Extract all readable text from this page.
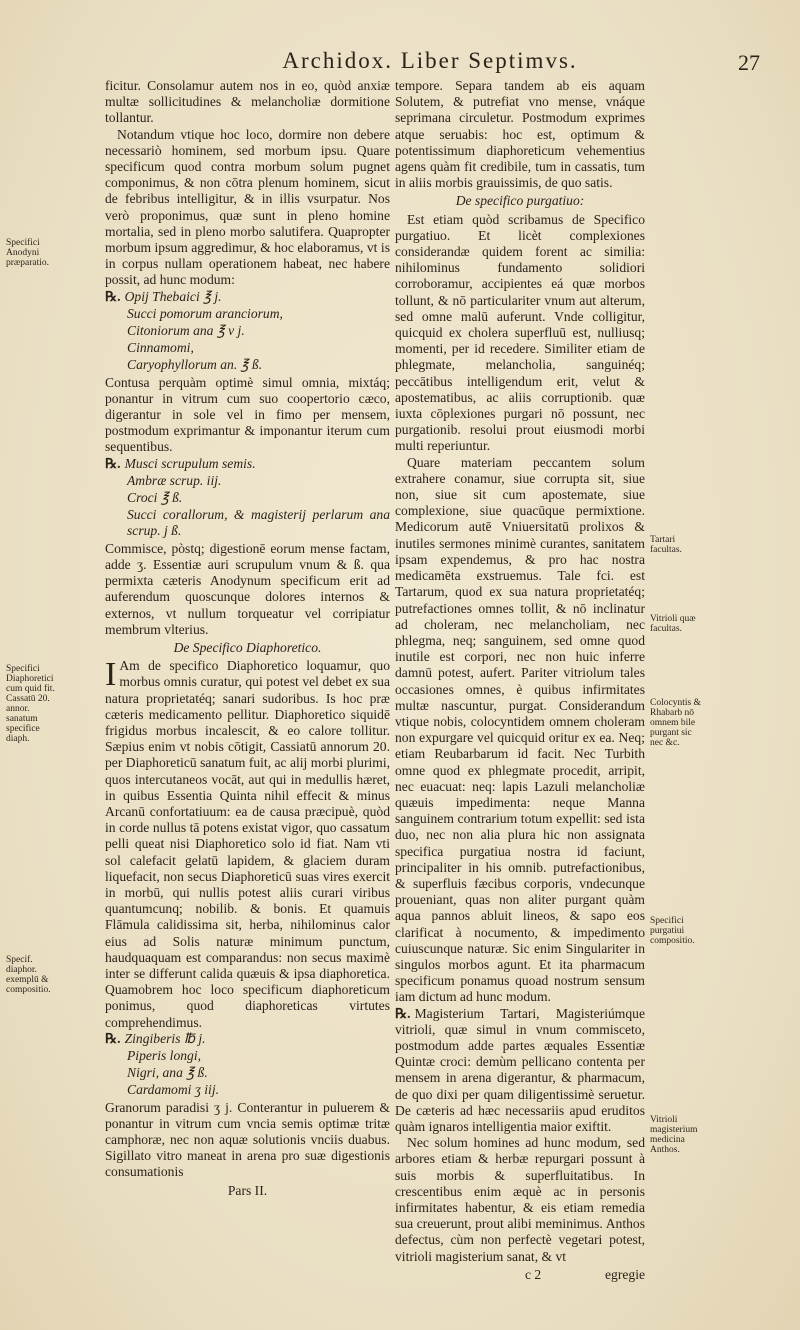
Archidox. Liber Septimvs.	27

ficitur. Consolamur autem nos in eo, quòd anxiæ multæ sollicitudines & melancholiæ dormitione tollantur.

Notandum vtique hoc loco, dormire non debere necessariò hominem, sed morbum ipsu. Quare specificum quod contra morbum solum pugnet componimus, & non cōtra plenum hominem, sicut de febribus intelligitur, & in illis vsurpatur. Nos verò proponimus, quæ sunt in pleno homine mortalia, sed in pleno morbo salutifera. Quapropter morbum ipsum aggredimur, & hoc elaboramus, vt is in corpus nullam operationem habeat, nec habere possit, ad hunc modum:

℞. Opij Thebaici ℥ j.
Succi pomorum aranciorum,
Citoniorum ana ℥ v j.
Cinnamomi,
Caryophyllorum an. ℥ ß.

Contusa perquàm optimè simul omnia, mixtáq; ponantur in vitrum cum suo coopertorio cæco, digerantur in sole vel in fimo per mensem, postmodum exprimantur & imponantur iterum cum sequentibus.

℞. Musci scrupulum semis.
Ambræ scrup. iij.
Croci ℥ ß.
Succi corallorum, & magisterij perlarum ana scrup. j ß.

Commisce, pòstq; digestionē eorum mense factam, adde ʒ. Essentiæ auri scrupulum vnum & ß. qua permixta cæteris Anodynum specificum erit ad auferendum quoscunque dolores internos & externos, vt nullum torqueatur vel corripiatur membrum vlterius.

De Specifico Diaphoretico.

I Am de specifico Diaphoretico loquamur, quo morbus omnis curatur, qui potest vel debet ex sua natura proprietatéq; sanari sudoribus. Is hoc præ cæteris medicamento pellitur. Diaphoretico siquidē frigidus morbus incalescit, & eo calore tollitur. Sæpius enim vt nobis cōtigit, Cassiatū annorum 20. per Diaphoreticū sanatum fuit, ac alij morbi plurimi, quos intercutaneos vocāt, aut qui in medullis hæret, in quibus Essentia Quinta nihil effecit & minus Arcanū confortatiuum: ea de causa præcipuè, quòd in corde nullus tā potens existat vigor, quo cassatum pelli queat nisi Diaphoretico solo id fiat. Nam vti sol calefacit gelatū lapidem, & glaciem duram liquefacit, non secus Diaphoreticū suas vires exercit in morbū, qui nullis potest aliis curari viribus quantumcunq; nobilib. & bonis. Et quamuis Flāmula calidissima sit, herba, nihilominus calor eius ad Solis naturæ minimum punctum, haudquaquam est comparandus: non secus maximè inter se differunt calida quæuis & ipsa diaphoretica. Quamobrem hoc loco specificum diaphoreticum ponimus, quod diaphoreticas virtutes comprehendimus.

℞. Zingiberis ℔ j.
Piperis longi,
Nigri, ana ℥ ß.
Cardamomi ʒ iij.

Granorum paradisi ʒ j. Conterantur in puluerem & ponantur in vitrum cum vncia semis optimæ tritæ camphoræ, nec non aquæ solutionis vnciis duabus. Sigillato vitro maneat in arena pro suæ digestionis consumationis

Pars II.

tempore. Separa tandem ab eis aquam Solutem, & putrefiat vno mense, vnáque seprimana circuletur. Postmodum exprimes atque seruabis: hoc est, optimum & potentissimum diaphoreticum vehementius agens quàm fit credibile, tum in cassatis, tum in aliis morbis grauissimis, de quo satis.

De specifico purgatiuo:

Est etiam quòd scribamus de Specifico purgatiuo. Et licèt complexiones considerandæ quidem forent ac similia: nihilominus fundamento solidiori corroboramur, accipientes eá quæ morbos tollunt, & nō particulariter vnum aut alterum, sed omne malū auferunt. Vnde colligitur, quicquid ex cholera superfluū est, nulliusq; momenti, per id recedere. Similiter etiam de phlegmate, melancholia, sanguinéq; peccātibus intelligendum erit, velut & apostematibus, ac aliis corruptionib. quæ iuxta cōplexiones purgari nō possunt, nec purgationib. resolui prout eiusmodi morbi multi reperiuntur.

Quare materiam peccantem solum extrahere conamur, siue corrupta sit, siue non, siue sit cum apostemate, siue complexione, siue quacūque permixtione. Medicorum autē Vniuersitatū prolixos & inutiles sermones minimè curantes, sanitatem ipsam expendemus, & pro hac nostra medicamēta exstruemus. Tale fci. est Tartarum, quod ex sua natura proprietatéq; putrefactiones omnes tollit, & nō inclinatur ad choleram, nec melancholiam, nec phlegma, neq; sanguinem, sed omne quod inutile est corpori, nec non huic inferre damnū potest, aufert. Pariter vitriolum tales occasiones omnes, è quibus infirmitates multæ nascuntur, purgat. Considerandum vtique nobis, colocyntidem omnem choleram non expurgare vel quicquid oritur ex ea. Neq; etiam Reubarbarum id facit. Nec Turbith omne quod ex phlegmate procedit, arripit, nec euacuat: neq: lapis Lazuli melancholiæ quæuis impedimenta: neque Manna sanguinem contrarium totum expellit: sed ista duo, nec non alia plura hic non assignata specifica purgatiua nostra id faciunt, principaliter in his omnib. putrefactionibus, & superfluis fæcibus corporis, vndecunque proueniant, quas non aliter purgant quàm aqua pannos abluit lineos, & sapo eos clarificat à nocumento, & impedimento cuiuscunque naturæ. Sic enim Singulariter in singulos morbos agunt. Et ita pharmacum specificum ponamus quoad nostrum sensum iam dictum ad hunc modum.

℞. Magisterium Tartari, Magisteriúmque vitrioli, quæ simul in vnum commisceto, postmodum adde partes æquales Essentiæ Quintæ croci: demùm pellicano contenta per mensem in arena digerantur, & pharmacum, de quo dixi per quam diligentissimè seruetur. De cæteris ad hæc necessariis apud eruditos quàm ignaros intelligentia maior exiftit.

Nec solum homines ad hunc modum, sed arbores etiam & herbæ repurgari possunt à suis morbis & superfluitatibus. In crescentibus enim æquè ac in personis infirmitates habentur, & eis etiam remedia sua creuerunt, prout alibi meminimus. Anthos defectus, cùm non perfectè vegetari potest, vitrioli magisterium sanat, & vt

c 2	egregie
Specifici Anodyni præparatio.
Specifici Diaphoretici cum quid fit. Cassatū 20. annor. sanatum specifice diaph.
Specif. diaphor. exemplū & compositio.
Tartari facultas.
Vitrioli quæ facultas.
Colocyntis & Rhabarb nō omnem bile purgant sic nec &c.
Specifici purgatiui compositio.
Vitrioli magisterium medicina Anthos.
